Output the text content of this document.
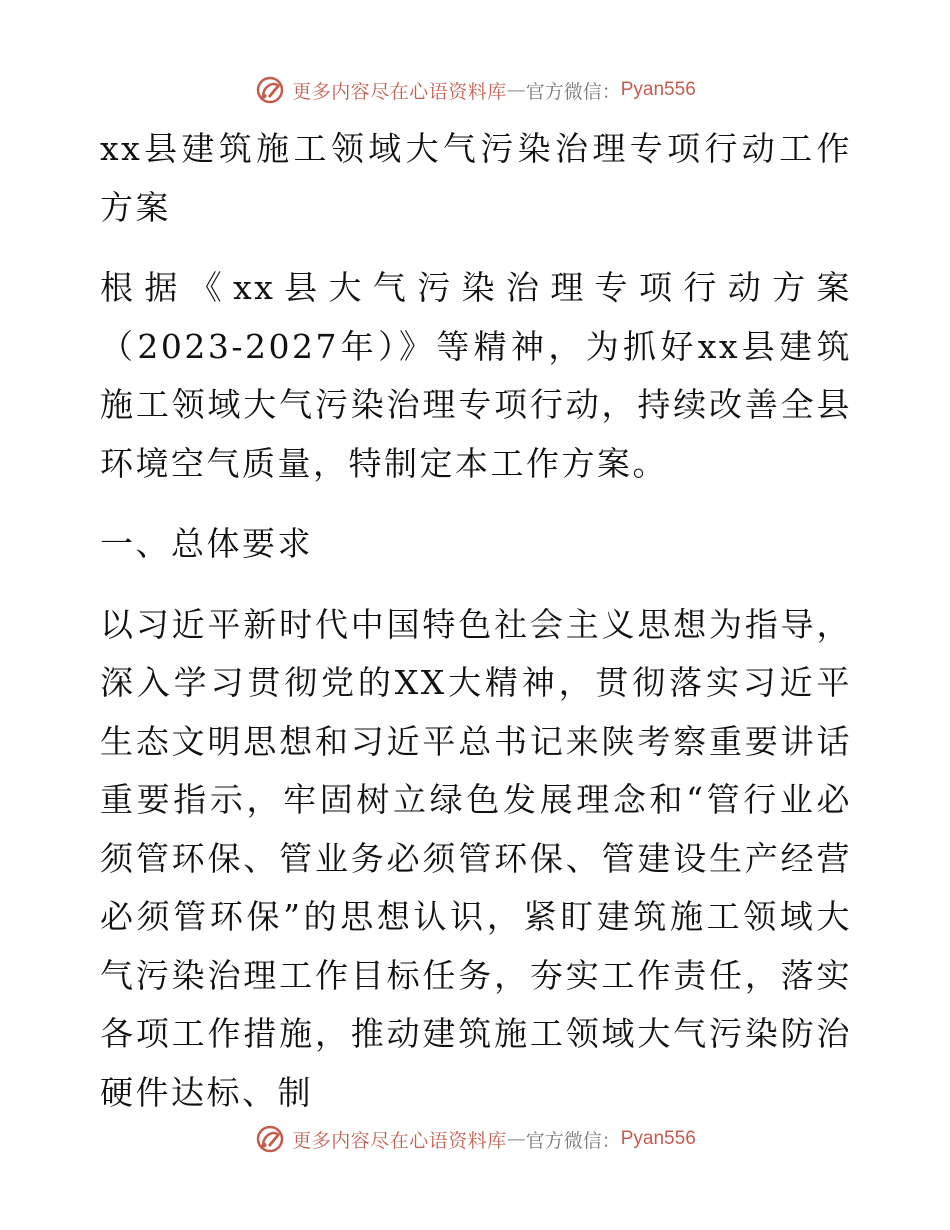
更多内容尽在心语资料库 — 官方微信： Pyan556

xx县建筑施工领域大气污染治理专项行动工作方案

根据《xx县大气污染治理专项行动方案（2023-2027年）》等精神，为抓好xx县建筑施工领域大气污染治理专项行动，持续改善全县环境空气质量，特制定本工作方案。

一、总体要求

以习近平新时代中国特色社会主义思想为指导，深入学习贯彻党的XX大精神，贯彻落实习近平生态文明思想和习近平总书记来陕考察重要讲话重要指示，牢固树立绿色发展理念和“管行业必须管环保、管业务必须管环保、管建设生产经营必须管环保”的思想认识，紧盯建筑施工领域大气污染治理工作目标任务，夯实工作责任，落实各项工作措施，推动建筑施工领域大气污染防治硬件达标、制

更多内容尽在心语资料库 — 官方微信： Pyan556
